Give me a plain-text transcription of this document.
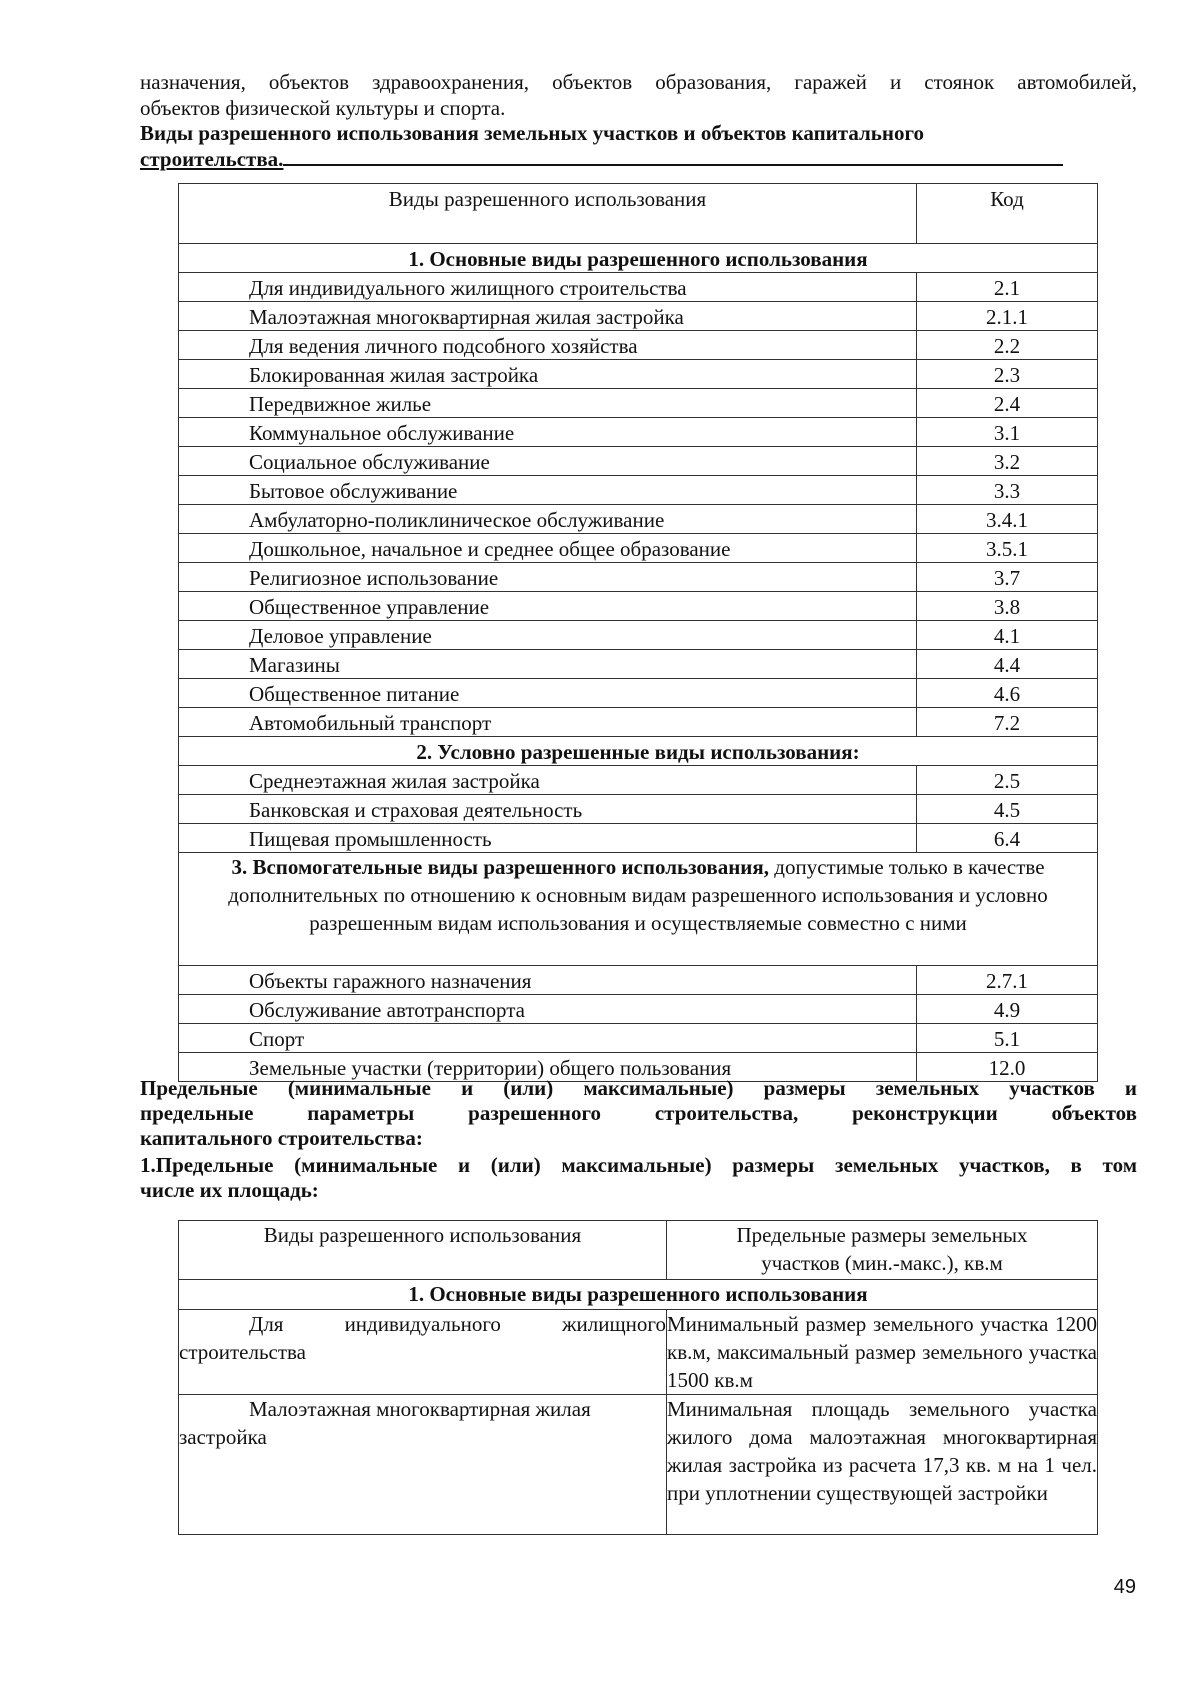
назначения, объектов здравоохранения, объектов образования, гаражей и стоянок автомобилей,

объектов физической культуры и спорта.

Виды разрешенного использования земельных участков и объектов капитального

строительства.

Виды разрешенного использования	Код
1. Основные виды разрешенного использования	
Для индивидуального жилищного строительства	2.1
Малоэтажная многоквартирная жилая застройка	2.1.1
Для ведения личного подсобного хозяйства	2.2
Блокированная жилая застройка	2.3
Передвижное жилье	2.4
Коммунальное обслуживание	3.1
Социальное обслуживание	3.2
Бытовое обслуживание	3.3
Амбулаторно-поликлиническое обслуживание	3.4.1
Дошкольное, начальное и среднее общее образование	3.5.1
Религиозное использование	3.7
Общественное управление	3.8
Деловое управление	4.1
Магазины	4.4
Общественное питание	4.6
Автомобильный транспорт	7.2
2. Условно разрешенные виды использования:	
Среднеэтажная жилая застройка	2.5
Банковская и страховая деятельность	4.5
Пищевая промышленность	6.4
3. Вспомогательные виды разрешенного использования, допустимые только в качестве дополнительных по отношению к основным видам разрешенного использования и условно разрешенным видам использования и осуществляемые совместно с ними	
Объекты гаражного назначения	2.7.1
Обслуживание автотранспорта	4.9
Спорт	5.1
Земельные участки (территории) общего пользования	12.0

Предельные (минимальные и (или) максимальные) размеры земельных участков и

предельные параметры разрешенного строительства, реконструкции объектов

капитального строительства:

1.Предельные (минимальные и (или) максимальные) размеры земельных участков, в том

числе их площадь:

Виды разрешенного использования	Предельные размеры земельных
участков (мин.-макс.), кв.м
1. Основные виды разрешенного использования	
Для индивидуального жилищного строительства	Минимальный размер земельного участка 1200 кв.м, максимальный размер земельного участка 1500 кв.м
Малоэтажная многоквартирная жилая застройка	Минимальная площадь земельного участка жилого дома малоэтажная многоквартирная жилая застройка из расчета 17,3 кв. м на 1 чел. при уплотнении существующей застройки
49
